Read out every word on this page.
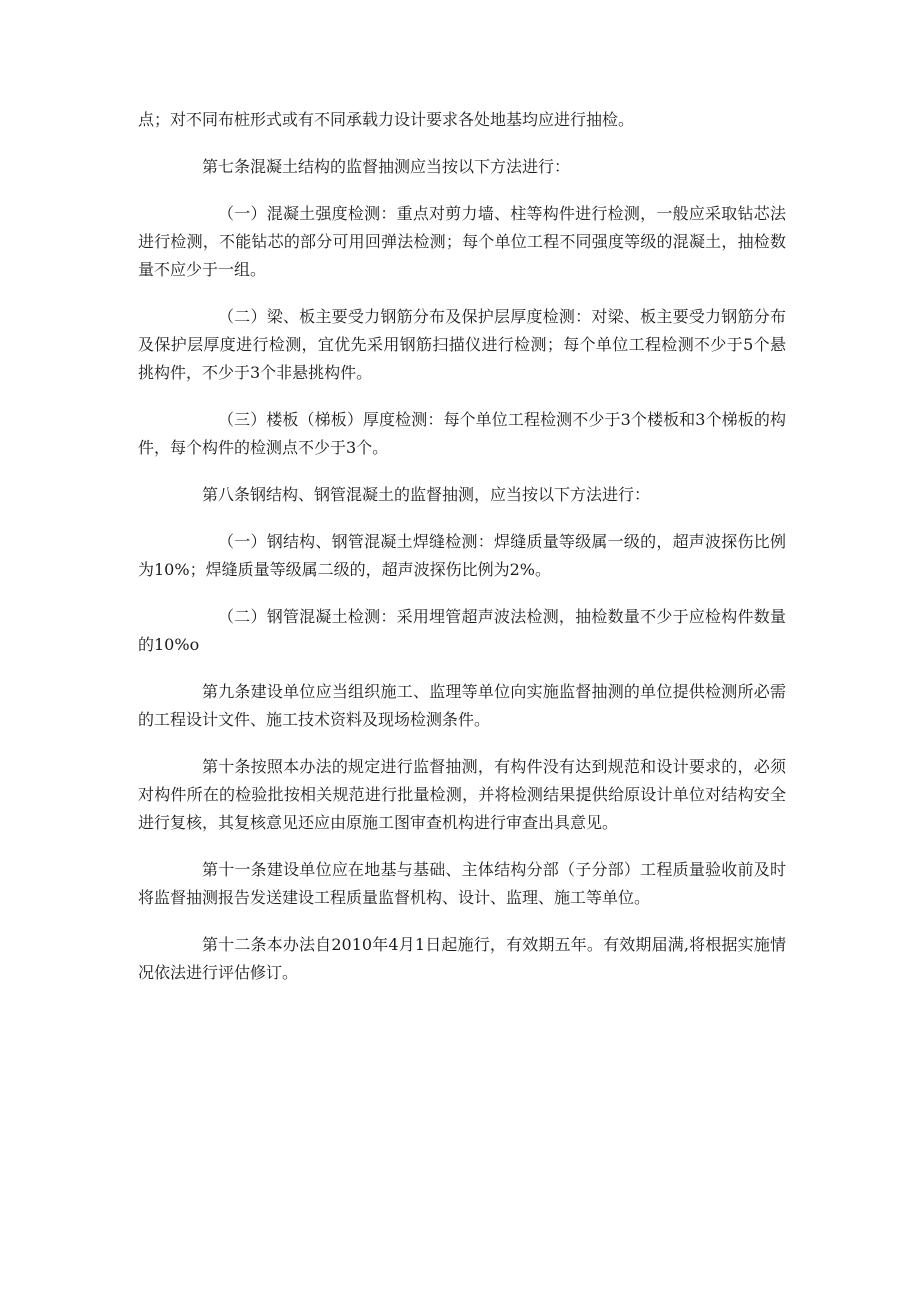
点；对不同布桩形式或有不同承载力设计要求各处地基均应进行抽检。

第七条混凝土结构的监督抽测应当按以下方法进行：

（一）混凝土强度检测：重点对剪力墙、柱等构件进行检测，一般应采取钻芯法进行检测，不能钻芯的部分可用回弹法检测；每个单位工程不同强度等级的混凝土，抽检数量不应少于一组。

（二）梁、板主要受力钢筋分布及保护层厚度检测：对梁、板主要受力钢筋分布及保护层厚度进行检测，宜优先采用钢筋扫描仪进行检测；每个单位工程检测不少于5个悬挑构件，不少于3个非悬挑构件。

（三）楼板（梯板）厚度检测：每个单位工程检测不少于3个楼板和3个梯板的构件，每个构件的检测点不少于3个。

第八条钢结构、钢管混凝土的监督抽测，应当按以下方法进行：

（一）钢结构、钢管混凝土焊缝检测：焊缝质量等级属一级的，超声波探伤比例为10%；焊缝质量等级属二级的，超声波探伤比例为2%。

（二）钢管混凝土检测：采用埋管超声波法检测，抽检数量不少于应检构件数量的10%o

第九条建设单位应当组织施工、监理等单位向实施监督抽测的单位提供检测所必需的工程设计文件、施工技术资料及现场检测条件。

第十条按照本办法的规定进行监督抽测，有构件没有达到规范和设计要求的，必须对构件所在的检验批按相关规范进行批量检测，并将检测结果提供给原设计单位对结构安全进行复核，其复核意见还应由原施工图审查机构进行审查出具意见。

第十一条建设单位应在地基与基础、主体结构分部（子分部）工程质量验收前及时将监督抽测报告发送建设工程质量监督机构、设计、监理、施工等单位。

第十二条本办法自2010年4月1日起施行，有效期五年。有效期届满,将根据实施情况依法进行评估修订。
